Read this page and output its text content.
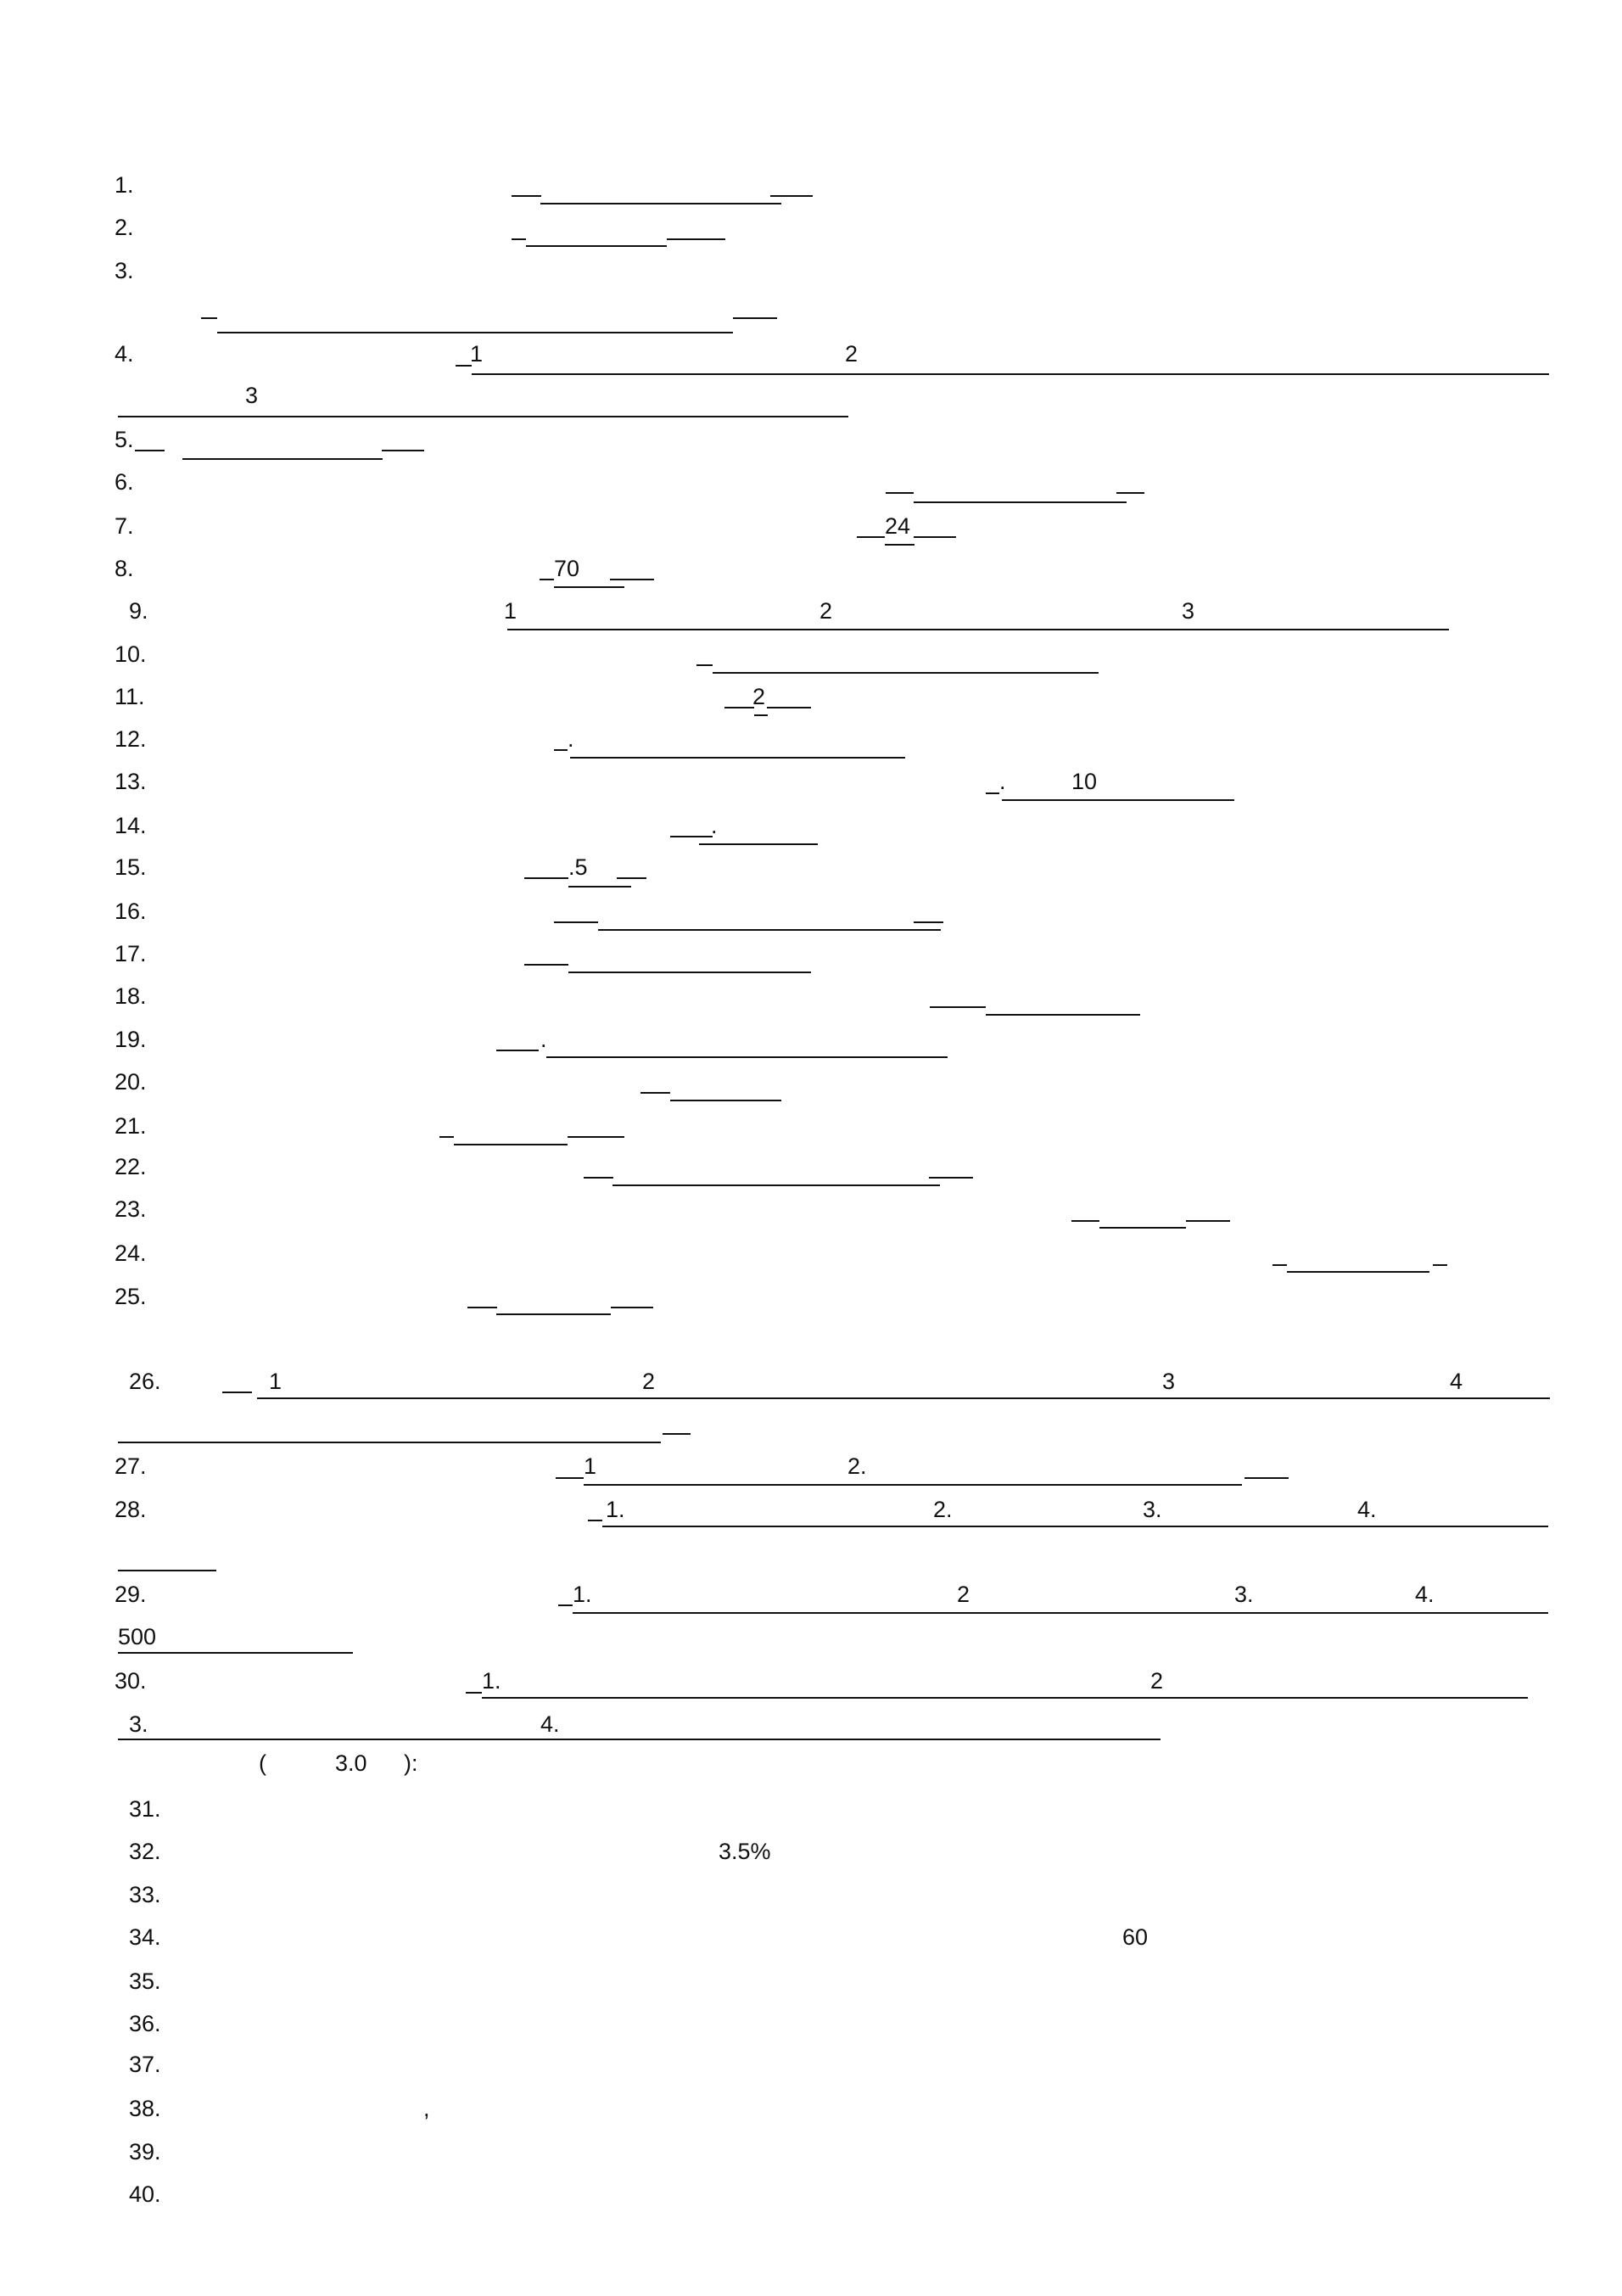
1.
2.
3.
4.	1	2
3
5.
6.
7.	24
8.	70
9.	1	2	3
10.
11.	2
12.	.
13.	.	10
14.	.
15.	.5
16.
17.
18.
19.	.
20.
21.
22.
23.
24.
25.
26.	1	2	3	4
27.	1	2.
28.	1.	2.	3.	4.
29.	1.	2	3.	4.
500
30.	1.	2
3.	4.
(	3.0 ):
31.
32.	3.5%
33.
34.	60
35.
36.
37.
38.	,
39.
40.
